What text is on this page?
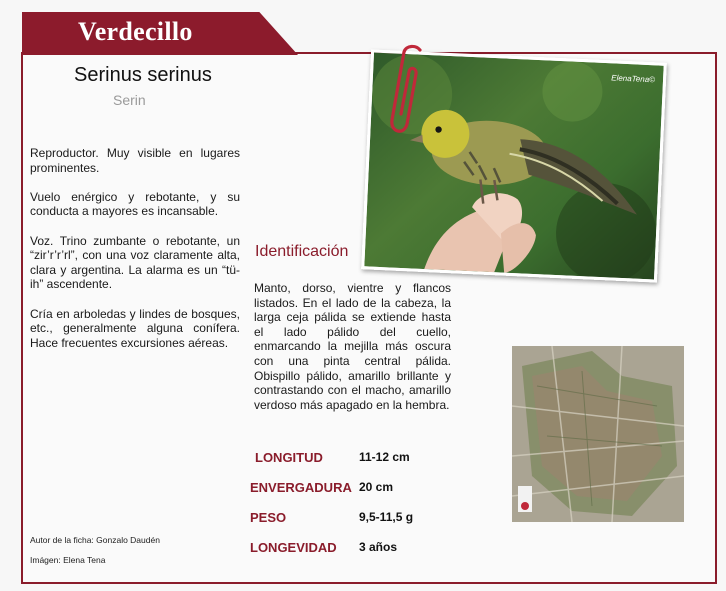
Verdecillo
Serinus serinus
Serin

Reproductor. Muy visible en lugares prominentes.

Vuelo enérgico y rebotante, y su conducta a mayores es incansable.

Voz. Trino zumbante o rebotante, un “zir’r’r’rl”, con una voz claramente alta, clara y argentina. La alarma es un “tü-ih” ascendente.

Cría en arboledas y lindes de bosques, etc., generalmente alguna conífera. Hace frecuentes excursiones aéreas.

Autor de la ficha: Gonzalo Daudén
Imágen: Elena Tena
ElenaTena©
Identificación
Manto, dorso, vientre y flancos listados. En el lado de la cabeza, la larga ceja pálida se extiende hasta el lado pálido del cuello, enmarcando la mejilla más oscura con una pinta central pálida. Obispillo pálido, amarillo brillante y contrastando con el macho, amarillo verdoso más apagado en la hembra.
LONGITUD	11-12 cm
ENVERGADURA 20 cm
PESO	9,5-11,5 g
LONGEVIDAD 3 años
